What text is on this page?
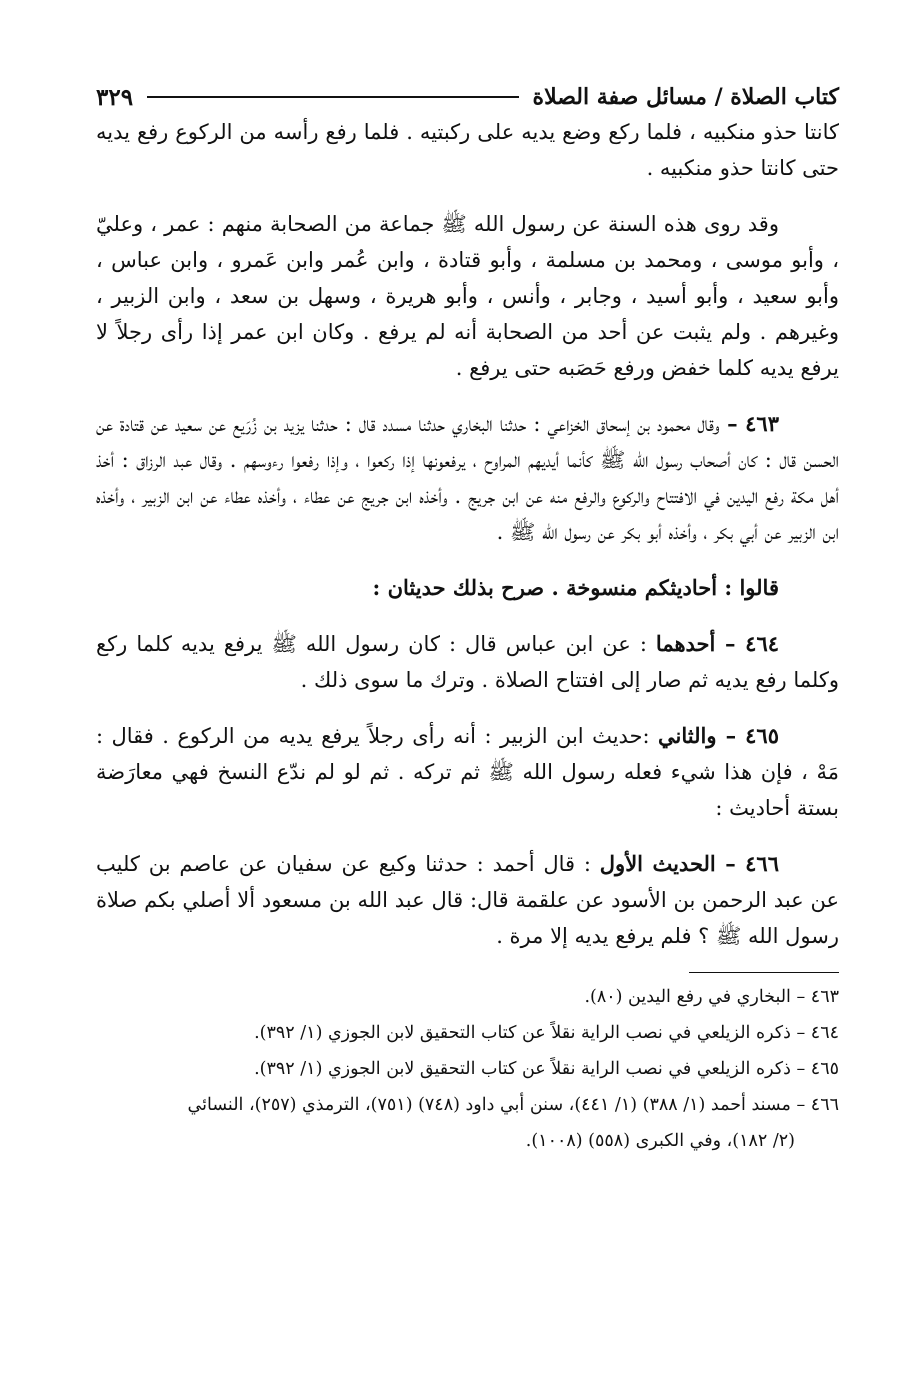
كتاب الصلاة / مسائل صفة الصلاة
٣٢٩

كانتا حذو منكبيه ، فلما ركع وضع يديه على ركبتيه . فلما رفع رأسه من الركوع رفع يديه حتى كانتا حذو منكبيه .

وقد روى هذه السنة عن رسول الله ﷺ جماعة من الصحابة منهم : عمر ، وعليّ ، وأبو موسى ، ومحمد بن مسلمة ، وأبو قتادة ، وابن عُمر وابن عَمرو ، وابن عباس ، وأبو سعيد ، وأبو أسيد ، وجابر ، وأنس ، وأبو هريرة ، وسهل بن سعد ، وابن الزبير ، وغيرهم . ولم يثبت عن أحد من الصحابة أنه لم يرفع . وكان ابن عمر إذا رأى رجلاً لا يرفع يديه كلما خفض ورفع حَصَبه حتى يرفع .

٤٦٣ – وقال محمود بن إسحاق الخزاعي : حدثنا البخاري حدثنا مسدد قال : حدثنا يزيد بن زُرَيع عن سعيد عن قتادة عن الحسن قال : كان أصحاب رسول الله ﷺ كأنما أيديهم المراوح ، يرفعونها إذا ركعوا ، وإذا رفعوا رءوسهم . وقال عبد الرزاق : أخذ أهل مكة رفع اليدين في الافتتاح والركوع والرفع منه عن ابن جريج . وأخذه ابن جريج عن عطاء ، وأخذه عطاء عن ابن الزبير ، وأخذه ابن الزبير عن أبي بكر ، وأخذه أبو بكر عن رسول الله ﷺ .

قالوا : أحاديثكم منسوخة . صرح بذلك حديثان :

٤٦٤ – أحدهما : عن ابن عباس قال : كان رسول الله ﷺ يرفع يديه كلما ركع وكلما رفع يديه ثم صار إلى افتتاح الصلاة . وترك ما سوى ذلك .

٤٦٥ – والثاني :حديث ابن الزبير : أنه رأى رجلاً يرفع يديه من الركوع . فقال : مَهْ ، فإن هذا شيء فعله رسول الله ﷺ ثم تركه . ثم لو لم ندّع النسخ فهي معارَضة بستة أحاديث :

٤٦٦ – الحديث الأول : قال أحمد : حدثنا وكيع عن سفيان عن عاصم بن كليب عن عبد الرحمن بن الأسود عن علقمة قال: قال عبد الله بن مسعود ألا أصلي بكم صلاة رسول الله ﷺ ؟ فلم يرفع يديه إلا مرة .

٤٦٣ – البخاري في رفع اليدين (٨٠).

٤٦٤ – ذكره الزيلعي في نصب الراية نقلاً عن كتاب التحقيق لابن الجوزي (١/ ٣٩٢).

٤٦٥ – ذكره الزيلعي في نصب الراية نقلاً عن كتاب التحقيق لابن الجوزي (١/ ٣٩٢).

٤٦٦ – مسند أحمد (١/ ٣٨٨) (١/ ٤٤١)، سنن أبي داود (٧٤٨) (٧٥١)، الترمذي (٢٥٧)، النسائي

(٢/ ١٨٢)، وفي الكبرى (٥٥٨) (١٠٠٨).
